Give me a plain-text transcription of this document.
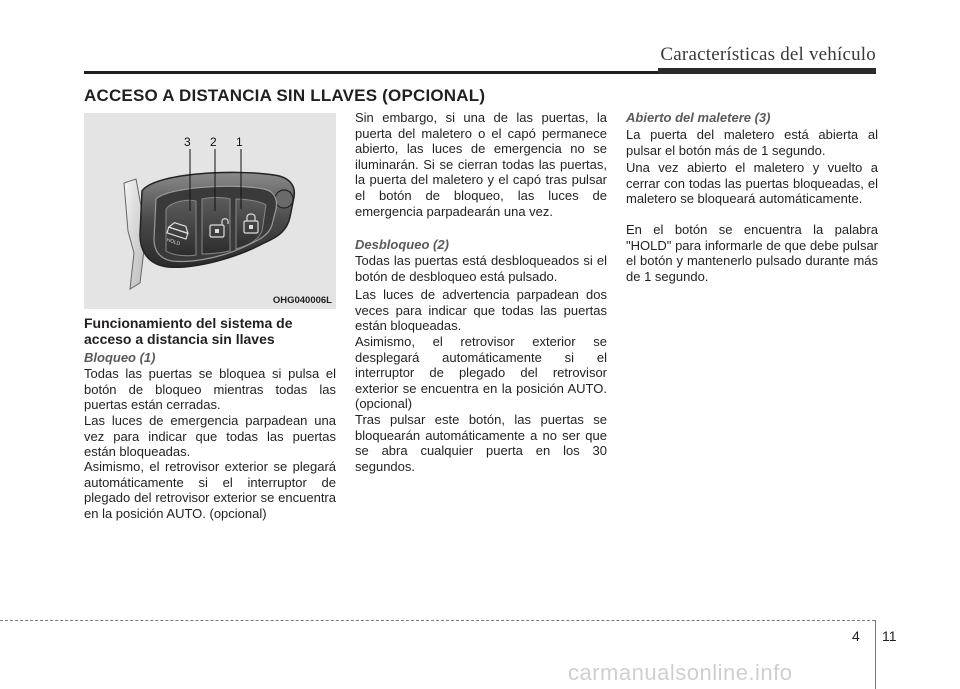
Características del vehículo
ACCESO A DISTANCIA SIN LLAVES (OPCIONAL)
HOLD
3 2 1
OHG040006L
Funcionamiento del sistema de acceso a distancia sin llaves
Bloqueo (1)
Todas las puertas se bloquea si pulsa el botón de bloqueo mientras todas las puertas están cerradas.
Las luces de emergencia parpadean una vez para indicar que todas las puertas están bloqueadas.
Asimismo, el retrovisor exterior se plegará automáticamente si el interruptor de plegado del retrovisor exterior se encuentra en la posición AUTO. (opcional)
Sin embargo, si una de las puertas, la puerta del maletero o el capó permanece abierto, las luces de emergencia no se iluminarán. Si se cierran todas las puertas, la puerta del maletero y el capó tras pulsar el botón de bloqueo, las luces de emergencia parpadearán una vez.
Desbloqueo (2)
Todas las puertas está desbloqueados si el botón de desbloqueo está pulsado.
Las luces de advertencia parpadean dos veces para indicar que todas las puertas están bloqueadas.
Asimismo, el retrovisor exterior se desplegará automáticamente si el interruptor de plegado del retrovisor exterior se encuentra en la posición AUTO. (opcional)
Tras pulsar este botón, las puertas se bloquearán automáticamente a no ser que se abra cualquier puerta en los 30 segundos.
Abierto del maletere (3)
La puerta del maletero está abierta al pulsar el botón más de 1 segundo.
Una vez abierto el maletero y vuelto a cerrar con todas las puertas bloqueadas, el maletero se bloqueará automáticamente.
En el botón se encuentra la palabra "HOLD" para informarle de que debe pulsar el botón y mantenerlo pulsado durante más de 1 segundo.
4 11
carmanualsonline.info
